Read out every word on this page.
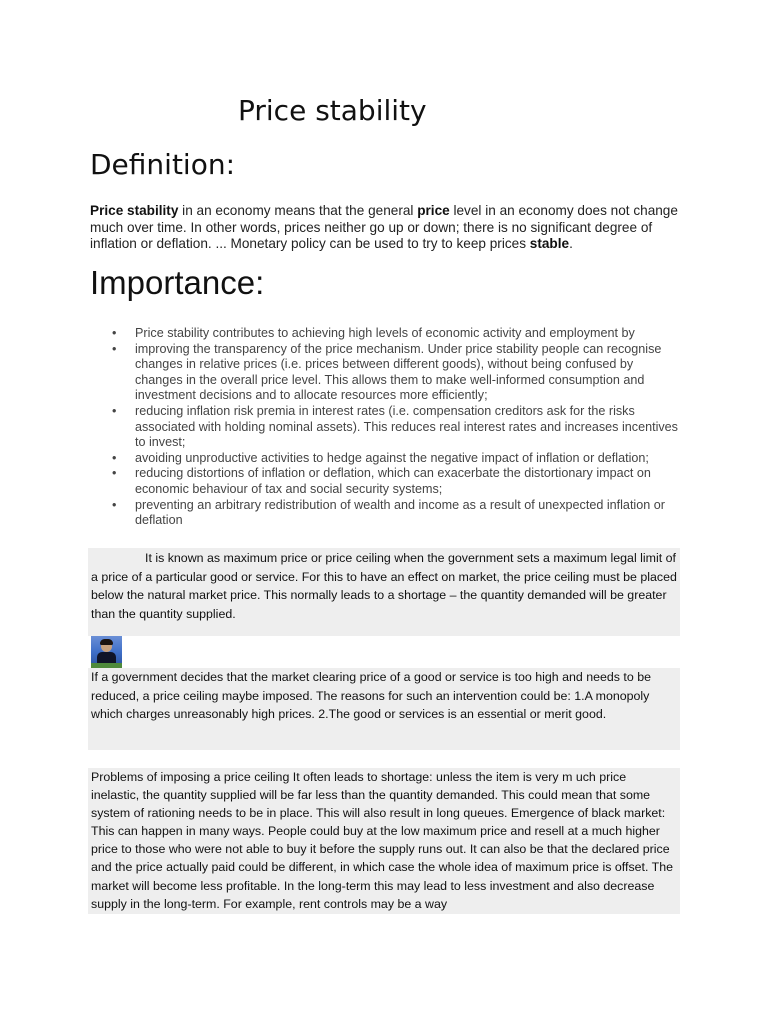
Price stability
Definition:

Price stability in an economy means that the general price level in an economy does not change much over time. In other words, prices neither go up or down; there is no significant degree of inflation or deflation. ... Monetary policy can be used to try to keep prices stable.

Importance:
• Price stability contributes to achieving high levels of economic activity and employment by
• improving the transparency of the price mechanism. Under price stability people can recognise changes in relative prices (i.e. prices between different goods), without being confused by changes in the overall price level. This allows them to make well-informed consumption and investment decisions and to allocate resources more efficiently;
• reducing inflation risk premia in interest rates (i.e. compensation creditors ask for the risks associated with holding nominal assets). This reduces real interest rates and increases incentives to invest;
• avoiding unproductive activities to hedge against the negative impact of inflation or deflation;
• reducing distortions of inflation or deflation, which can exacerbate the distortionary impact on economic behaviour of tax and social security systems;
• preventing an arbitrary redistribution of wealth and income as a result of unexpected inflation or deflation
It is known as maximum price or price ceiling when the government sets a maximum legal limit of a price of a particular good or service. For this to have an effect on market, the price ceiling must be placed below the natural market price. This normally leads to a shortage – the quantity demanded will be greater than the quantity supplied.
If a government decides that the market clearing price of a good or service is too high and needs to be reduced, a price ceiling maybe imposed. The reasons for such an intervention could be: 1.A monopoly which charges unreasonably high prices. 2.The good or services is an essential or merit good.
Problems of imposing a price ceiling It often leads to shortage: unless the item is very m uch price inelastic, the quantity supplied will be far less than the quantity demanded. This could mean that some system of rationing needs to be in place. This will also result in long queues. Emergence of black market: This can happen in many ways. People could buy at the low maximum price and resell at a much higher price to those who were not able to buy it before the supply runs out. It can also be that the declared price and the price actually paid could be different, in which case the whole idea of maximum price is offset. The market will become less profitable. In the long-term this may lead to less investment and also decrease supply in the long-term. For example, rent controls may be a way
